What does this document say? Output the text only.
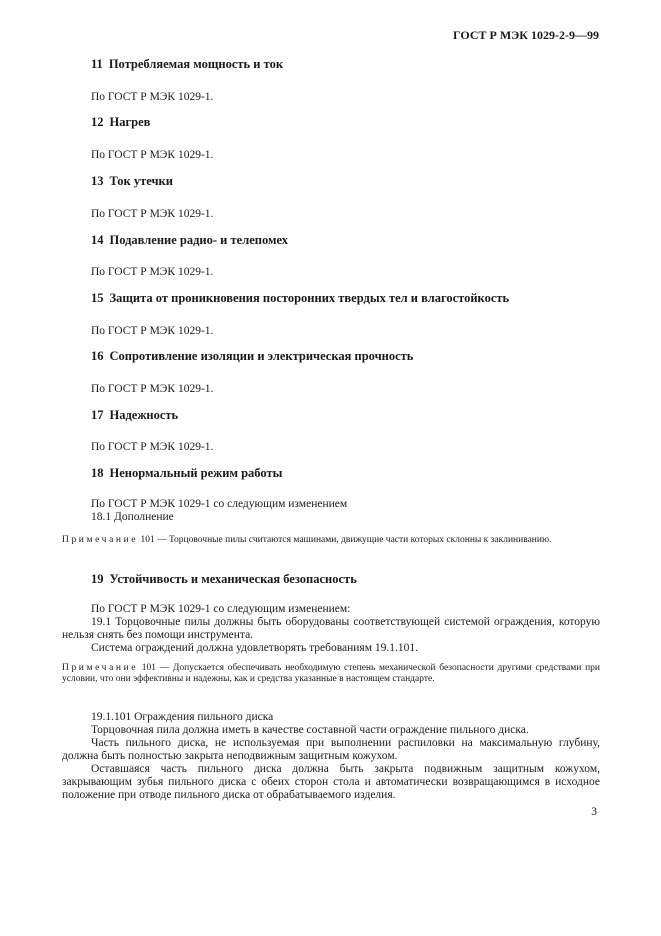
ГОСТ Р МЭК 1029-2-9—99
11 Потребляемая мощность и ток
По ГОСТ Р МЭК 1029-1.
12 Нагрев
По ГОСТ Р МЭК 1029-1.
13 Ток утечки
По ГОСТ Р МЭК 1029-1.
14 Подавление радио- и телепомех
По ГОСТ Р МЭК 1029-1.
15 Защита от проникновения посторонних твердых тел и влагостойкость
По ГОСТ Р МЭК 1029-1.
16 Сопротивление изоляции и электрическая прочность
По ГОСТ Р МЭК 1029-1.
17 Надежность
По ГОСТ Р МЭК 1029-1.
18 Ненормальный режим работы
По ГОСТ Р МЭК 1029-1 со следующим изменением
18.1 Дополнение
Примечание 101 — Торцовочные пилы считаются машинами, движущие части которых склонны к заклиниванию.
19 Устойчивость и механическая безопасность
По ГОСТ Р МЭК 1029-1 со следующим изменением:
19.1 Торцовочные пилы должны быть оборудованы соответствующей системой ограждения, которую нельзя снять без помощи инструмента.
Система ограждений должна удовлетворять требованиям 19.1.101.
Примечание 101 — Допускается обеспечивать необходимую степень механической безопасности другими средствами при условии, что они эффективны и надежны, как и средства указанные в настоящем стандарте.
19.1.101 Ограждения пильного диска
Торцовочная пила должна иметь в качестве составной части ограждение пильного диска.
Часть пильного диска, не используемая при выполнении распиловки на максимальную глубину, должна быть полностью закрыта неподвижным защитным кожухом.
Оставшаяся часть пильного диска должна быть закрыта подвижным защитным кожухом, закрывающим зубья пильного диска с обеих сторон стола и автоматически возвращающимся в исходное положение при отводе пильного диска от обрабатываемого изделия.
3
